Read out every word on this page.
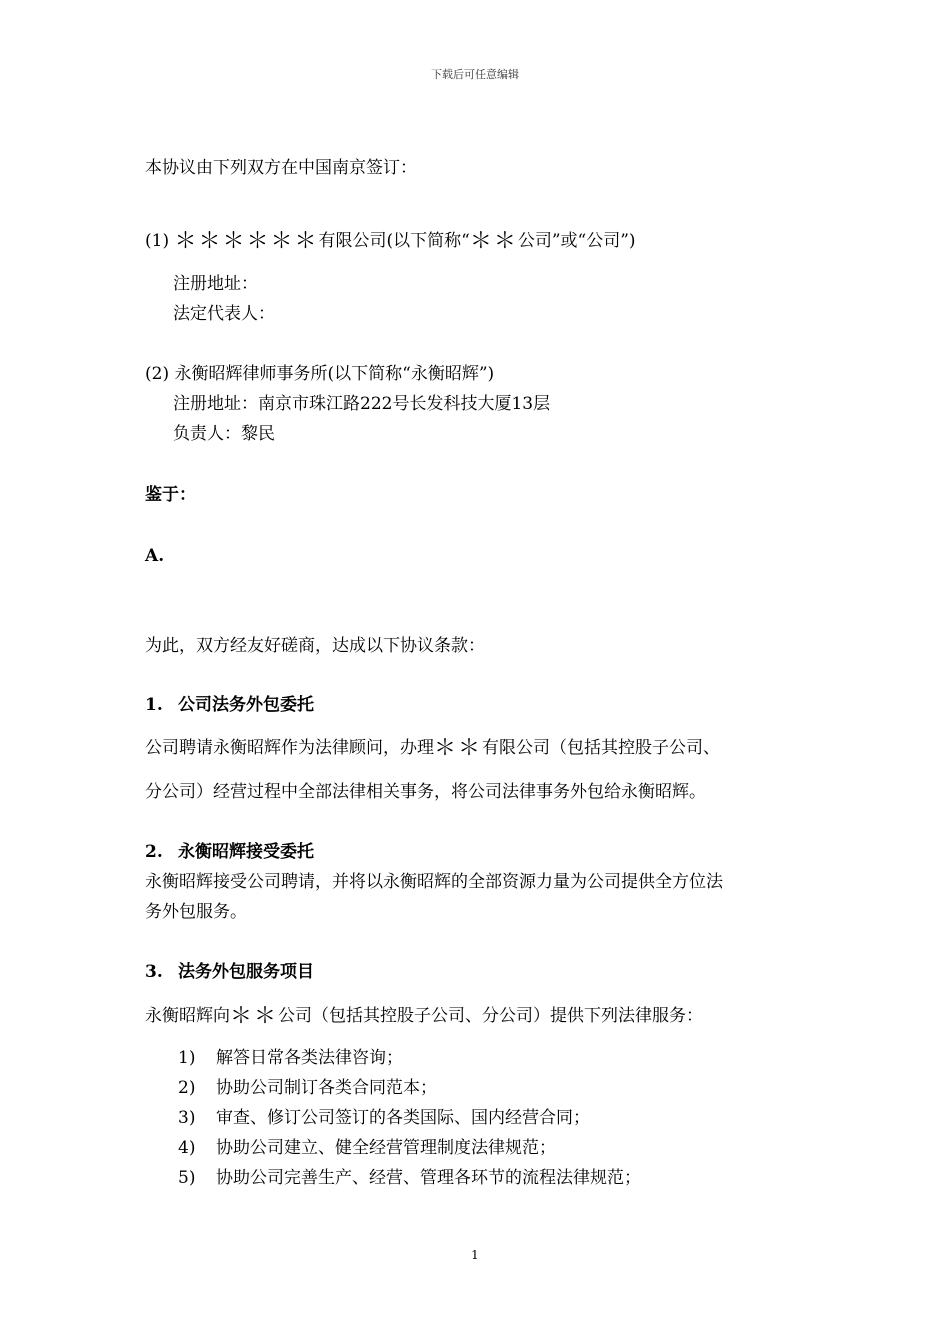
下载后可任意编辑
本协议由下列双方在中国南京签订：
(1) ＊＊＊＊＊＊有限公司(以下简称“＊＊公司”或“公司”)
注册地址：
法定代表人：
(2) 永衡昭辉律师事务所(以下简称“永衡昭辉”)
注册地址：南京市珠江路222号长发科技大厦13层
负责人：黎民
鉴于：
A.
为此，双方经友好磋商，达成以下协议条款：
1. 公司法务外包委托
公司聘请永衡昭辉作为法律顾问，办理＊＊有限公司（包括其控股子公司、
分公司）经营过程中全部法律相关事务，将公司法律事务外包给永衡昭辉。
2. 永衡昭辉接受委托
永衡昭辉接受公司聘请，并将以永衡昭辉的全部资源力量为公司提供全方位法
务外包服务。
3. 法务外包服务项目
永衡昭辉向＊＊公司（包括其控股子公司、分公司）提供下列法律服务：
1) 解答日常各类法律咨询；
2) 协助公司制订各类合同范本；
3) 审查、修订公司签订的各类国际、国内经营合同；
4) 协助公司建立、健全经营管理制度法律规范；
5) 协助公司完善生产、经营、管理各环节的流程法律规范；
1
